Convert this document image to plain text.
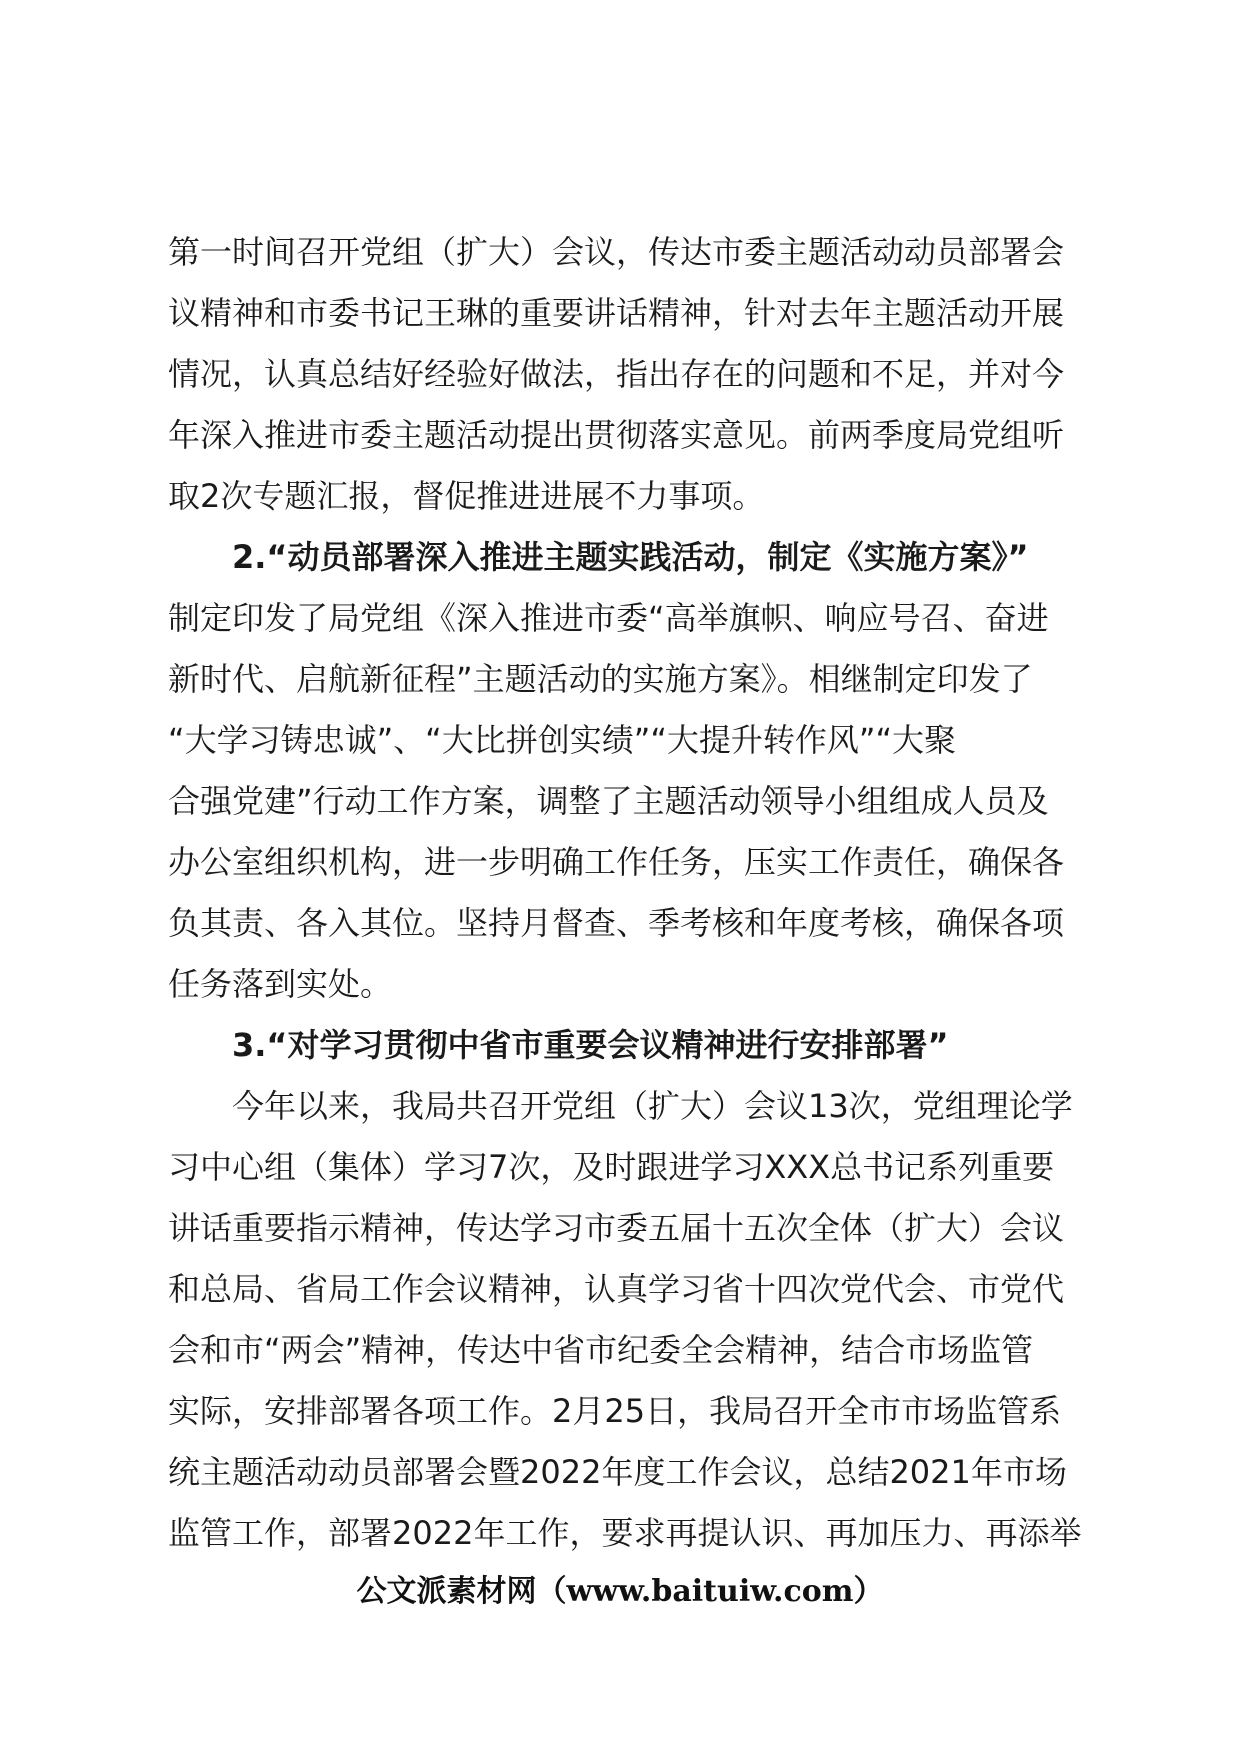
第一时间召开党组（扩大）会议，传达市委主题活动动员部署会
议精神和市委书记王琳的重要讲话精神，针对去年主题活动开展
情况，认真总结好经验好做法，指出存在的问题和不足，并对今
年深入推进市委主题活动提出贯彻落实意见。前两季度局党组听
取2次专题汇报，督促推进进展不力事项。
2.“动员部署深入推进主题实践活动，制定《实施方案》”
制定印发了局党组《深入推进市委“高举旗帜、响应号召、奋进
新时代、启航新征程”主题活动的实施方案》。相继制定印发了
“大学习铸忠诚”、“大比拼创实绩”“大提升转作风”“大聚
合强党建”行动工作方案，调整了主题活动领导小组组成人员及
办公室组织机构，进一步明确工作任务，压实工作责任，确保各
负其责、各入其位。坚持月督查、季考核和年度考核，确保各项
任务落到实处。
3.“对学习贯彻中省市重要会议精神进行安排部署”
今年以来，我局共召开党组（扩大）会议13次，党组理论学
习中心组（集体）学习7次，及时跟进学习XXX总书记系列重要
讲话重要指示精神，传达学习市委五届十五次全体（扩大）会议
和总局、省局工作会议精神，认真学习省十四次党代会、市党代
会和市“两会”精神，传达中省市纪委全会精神，结合市场监管
实际，安排部署各项工作。2月25日，我局召开全市市场监管系
统主题活动动员部署会暨2022年度工作会议，总结2021年市场
监管工作，部署2022年工作，要求再提认识、再加压力、再添举
公文派素材网（www.baituiw.com）
